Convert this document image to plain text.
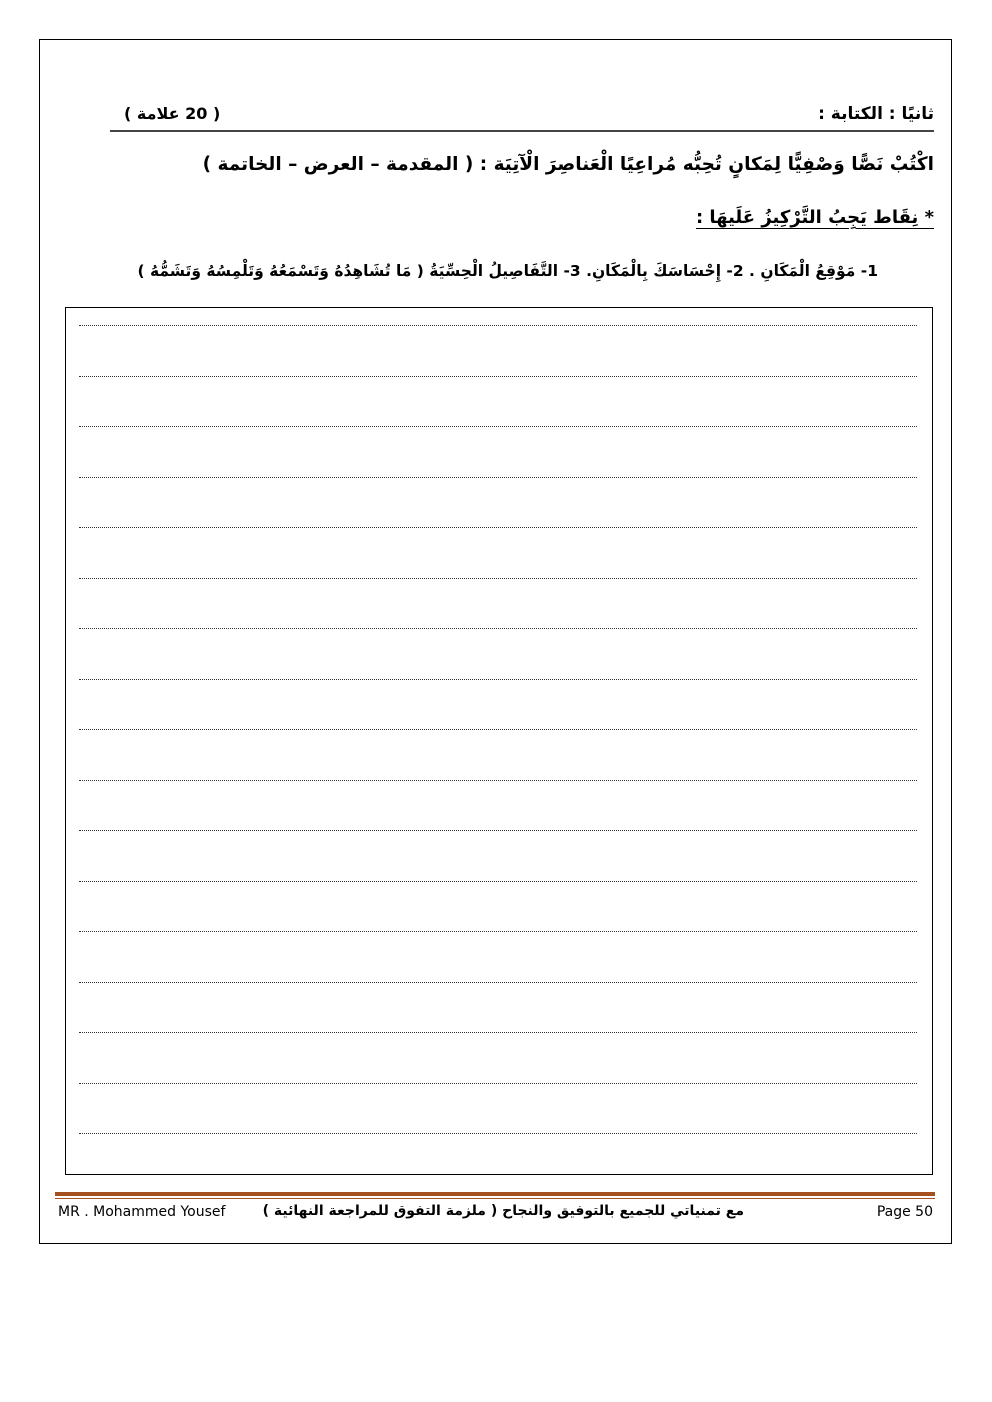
ثانيًا : الكتابة :
( 20 علامة )
اكْتُبْ نَصًّا وَصْفِيًّا لِمَكانٍ تُحِبُّه مُراعِيًا الْعَناصِرَ الْآتِيَة : ( المقدمة – العرض – الخاتمة )
* نِقَاط يَجِبُ التَّرْكِيزُ عَلَيهَا :
1- مَوْقِعُ الْمَكَانِ . 2- إِحْسَاسَكَ بِالْمَكَانِ. 3- التَّفَاصِيلُ الْحِسِّيَةُ ( مَا تُشَاهِدُهُ وَتَسْمَعُهُ وَتَلْمِسُهُ وَتَشَمُّهُ )
MR . Mohammed Yousef	مع تمنياتي للجميع بالتوفيق والنجاح ( ملزمة التفوق للمراجعة النهائية )	Page 50
